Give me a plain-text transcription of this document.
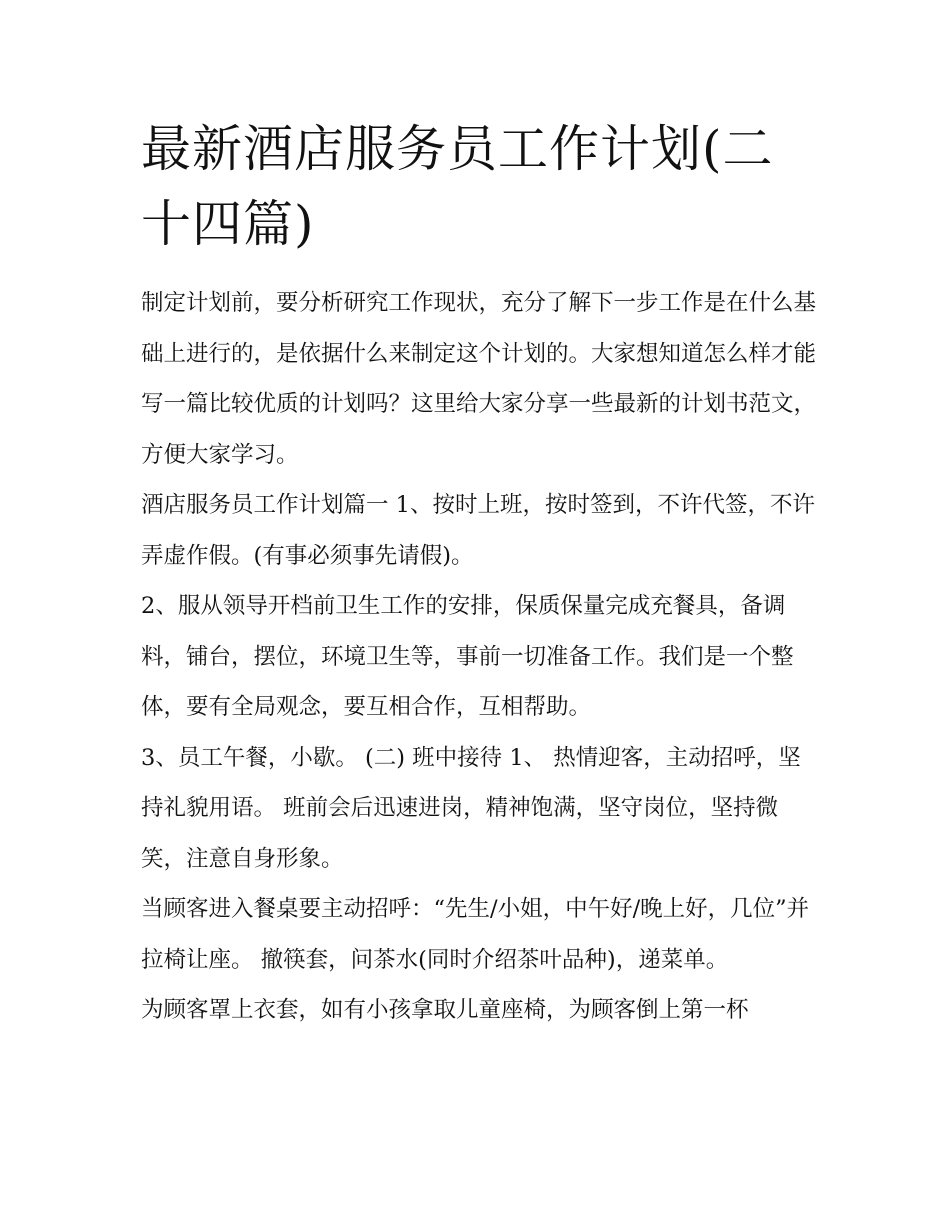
最新酒店服务员工作计划(二十四篇)

制定计划前，要分析研究工作现状，充分了解下一步工作是在什么基础上进行的，是依据什么来制定这个计划的。大家想知道怎么样才能写一篇比较优质的计划吗？这里给大家分享一些最新的计划书范文，方便大家学习。

酒店服务员工作计划篇一 1、按时上班，按时签到，不许代签，不许弄虚作假。(有事必须事先请假)。

2、服从领导开档前卫生工作的安排，保质保量完成充餐具，备调料，铺台，摆位，环境卫生等，事前一切准备工作。我们是一个整体，要有全局观念，要互相合作，互相帮助。

3、员工午餐，小歇。 (二) 班中接待 1、 热情迎客，主动招呼，坚持礼貌用语。 班前会后迅速进岗，精神饱满，坚守岗位，坚持微笑，注意自身形象。

当顾客进入餐桌要主动招呼：“先生/小姐，中午好/晚上好，几位”并拉椅让座。 撤筷套，问茶水(同时介绍茶叶品种)，递菜单。

为顾客罩上衣套，如有小孩拿取儿童座椅，为顾客倒上第一杯
